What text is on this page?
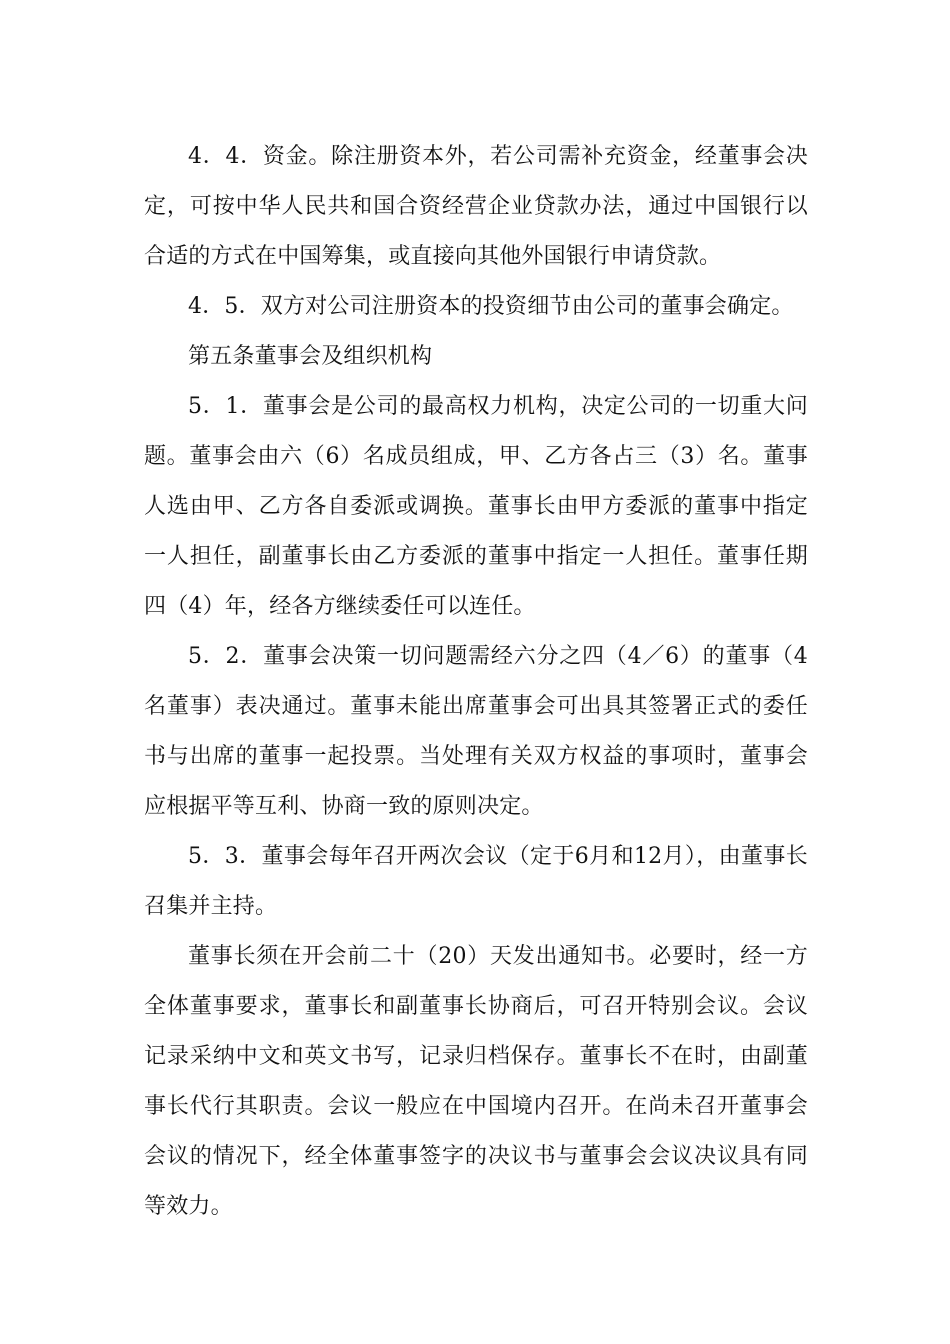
4．4．资金。除注册资本外，若公司需补充资金，经董事会决定，可按中华人民共和国合资经营企业贷款办法，通过中国银行以合适的方式在中国筹集，或直接向其他外国银行申请贷款。

4．5．双方对公司注册资本的投资细节由公司的董事会确定。

第五条董事会及组织机构

5．1．董事会是公司的最高权力机构，决定公司的一切重大问题。董事会由六（6）名成员组成，甲、乙方各占三（3）名。董事人选由甲、乙方各自委派或调换。董事长由甲方委派的董事中指定一人担任，副董事长由乙方委派的董事中指定一人担任。董事任期四（4）年，经各方继续委任可以连任。

5．2．董事会决策一切问题需经六分之四（4／6）的董事（4名董事）表决通过。董事未能出席董事会可出具其签署正式的委任书与出席的董事一起投票。当处理有关双方权益的事项时，董事会应根据平等互利、协商一致的原则决定。

5．3．董事会每年召开两次会议（定于6月和12月），由董事长召集并主持。

董事长须在开会前二十（20）天发出通知书。必要时，经一方全体董事要求，董事长和副董事长协商后，可召开特别会议。会议记录采纳中文和英文书写，记录归档保存。董事长不在时，由副董事长代行其职责。会议一般应在中国境内召开。在尚未召开董事会会议的情况下，经全体董事签字的决议书与董事会会议决议具有同等效力。
